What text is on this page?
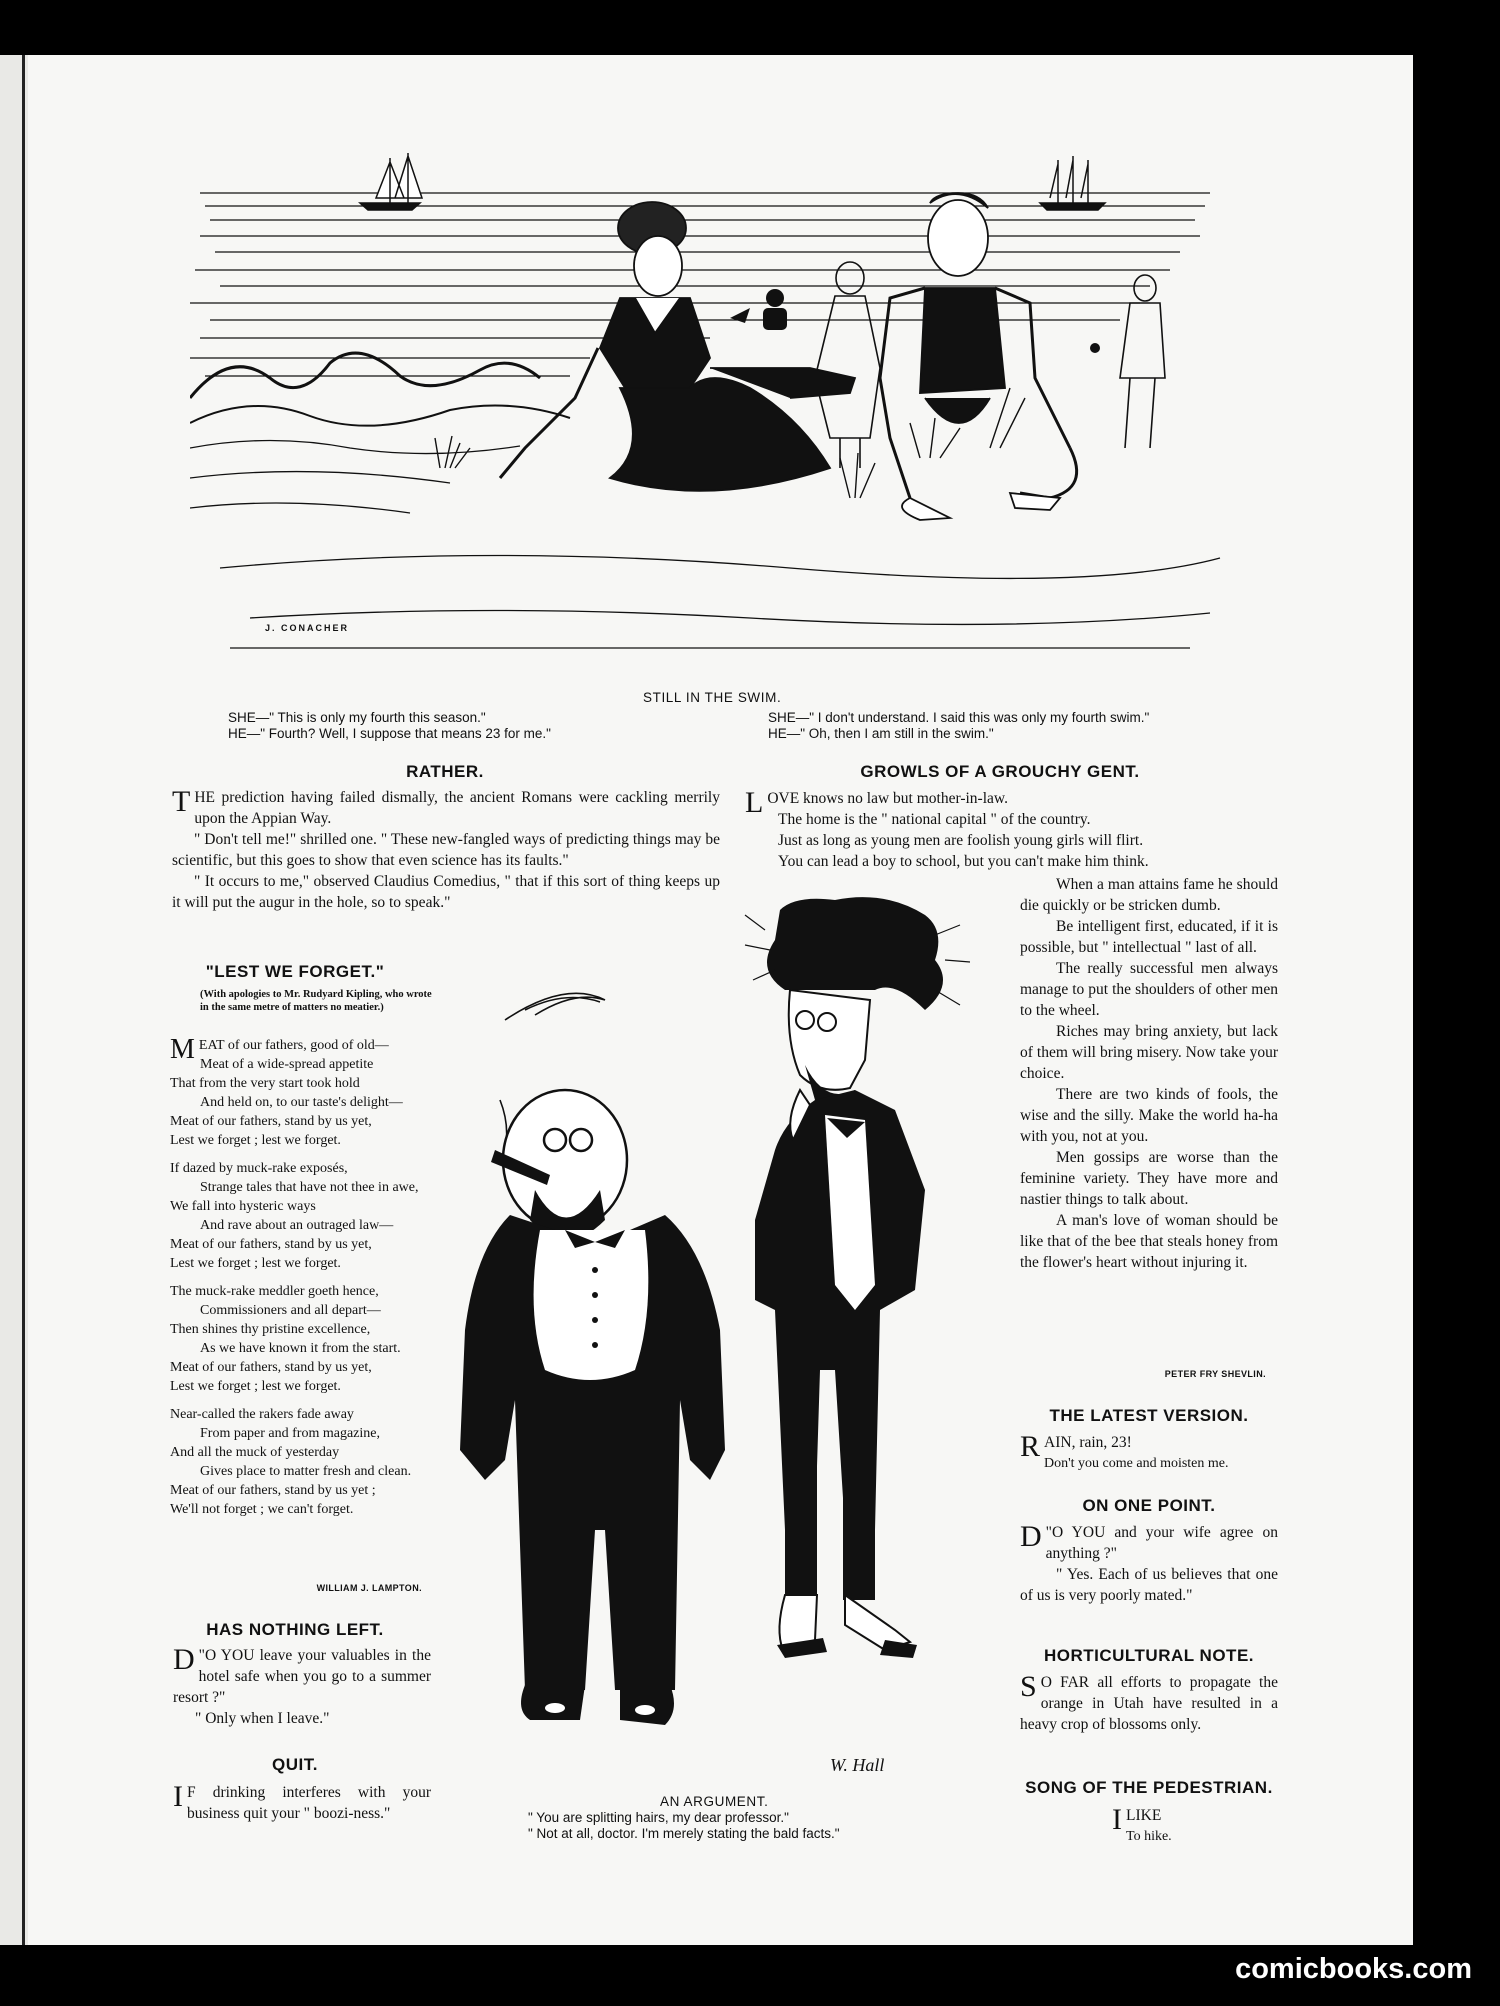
J. CONACHER
STILL IN THE SWIM.
SHE—" This is only my fourth this season."
HE—" Fourth? Well, I suppose that means 23 for me."
SHE—" I don't understand. I said this was only my fourth swim."
HE—" Oh, then I am still in the swim."
RATHER.

THE prediction having failed dismally, the ancient Romans were cackling merrily upon the Appian Way.

" Don't tell me!" shrilled one. " These new-fangled ways of predicting things may be scientific, but this goes to show that even science has its faults."

" It occurs to me," observed Claudius Comedius, " that if this sort of thing keeps up it will put the augur in the hole, so to speak."

"LEST WE FORGET."
(With apologies to Mr. Rudyard Kipling, who wrote in the same metre of matters no meatier.)

MEAT of our fathers, good of old—

Meat of a wide-spread appetite

That from the very start took hold

And held on, to our taste's delight—

Meat of our fathers, stand by us yet,

Lest we forget ; lest we forget.

If dazed by muck-rake exposés,

Strange tales that have not thee in awe,

We fall into hysteric ways

And rave about an outraged law—

Meat of our fathers, stand by us yet,

Lest we forget ; lest we forget.

The muck-rake meddler goeth hence,

Commissioners and all depart—

Then shines thy pristine excellence,

As we have known it from the start.

Meat of our fathers, stand by us yet,

Lest we forget ; lest we forget.

Near-called the rakers fade away

From paper and from magazine,

And all the muck of yesterday

Gives place to matter fresh and clean.

Meat of our fathers, stand by us yet ;

We'll not forget ; we can't forget.

WILLIAM J. LAMPTON.
HAS NOTHING LEFT.

"
D O YOU leave your valuables in the hotel safe when you go to a summer resort ?"

" Only when I leave."

QUIT.

I F drinking interferes with your business quit your " boozi-ness."

W. Hall
AN ARGUMENT.
" You are splitting hairs, my dear professor."
" Not at all, doctor. I'm merely stating the bald facts."
GROWLS OF A GROUCHY GENT.

LOVE knows no law but mother-in-law.

The home is the " national capital " of the country.

Just as long as young men are foolish young girls will flirt.

You can lead a boy to school, but you can't make him think.

When a man attains fame he should die quickly or be stricken dumb.

Be intelligent first, educated, if it is possible, but " intellectual " last of all.

The really successful men always manage to put the shoulders of other men to the wheel.

Riches may bring anxiety, but lack of them will bring misery. Now take your choice.

There are two kinds of fools, the wise and the silly. Make the world ha-ha with you, not at you.

Men gossips are worse than the feminine variety. They have more and nastier things to talk about.

A man's love of woman should be like that of the bee that steals honey from the flower's heart without injuring it.

PETER FRY SHEVLIN.
THE LATEST VERSION.

RAIN, rain, 23!

Don't you come and moisten me.

ON ONE POINT.

"
D O YOU and your wife agree on anything ?"

" Yes. Each of us believes that one of us is very poorly mated."

HORTICULTURAL NOTE.

S O FAR all efforts to propagate the orange in Utah have resulted in a heavy crop of blossoms only.

SONG OF THE PEDESTRIAN.

ILIKE

To hike.

comicbooks.com
